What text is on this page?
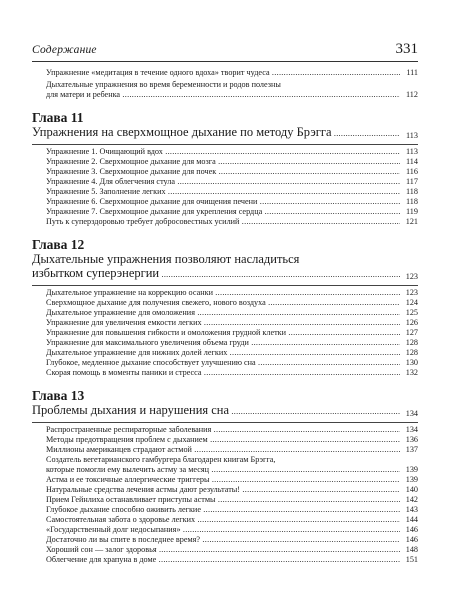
Содержание	331
Упражнение «медитация в течение одного вдоха» творит чудеса .....	111
Дыхательные упражнения во время беременности и родов полезны
для матери и ребенка .....	112
Глава 11
Упражнения на сверхмощное дыхание по методу Брэгга .....	113
Упражнение 1. Очищающий вдох .....	113
Упражнение 2. Сверхмощное дыхание для мозга .....	114
Упражнение 3. Сверхмощное дыхание для почек .....	116
Упражнение 4. Для облегчения стула .....	117
Упражнение 5. Заполнение легких .....	118
Упражнение 6. Сверхмощное дыхание для очищения печени .....	118
Упражнение 7. Сверхмощное дыхание для укрепления сердца .....	119
Путь к суперздоровью требует добросовестных усилий .....	121
Глава 12
Дыхательные упражнения позволяют насладиться
избытком суперэнергии .....	123
Дыхательное упражнение на коррекцию осанки .....	123
Сверхмощное дыхание для получения свежего, нового воздуха .....	124
Дыхательное упражнение для омоложения .....	125
Упражнение для увеличения емкости легких .....	126
Упражнение для повышения гибкости и омоложения грудной клетки .....	127
Упражнение для максимального увеличения объема груди .....	128
Дыхательное упражнение для нижних долей легких .....	128
Глубокое, медленное дыхание способствует улучшению сна .....	130
Скорая помощь в моменты паники и стресса .....	132
Глава 13
Проблемы дыхания и нарушения сна .....	134
Распространенные респираторные заболевания .....	134
Методы предотвращения проблем с дыханием .....	136
Миллионы американцев страдают астмой .....	137
Создатель вегетарианского гамбургера благодарен книгам Брэгга,
которые помогли ему вылечить астму за месяц .....	139
Астма и ее токсичные аллергические триггеры .....	139
Натуральные средства лечения астмы дают результаты! .....	140
Прием Гейнлиха останавливает приступы астмы .....	142
Глубокое дыхание способно оживить легкие .....	143
Самостоятельная забота о здоровье легких .....	144
«Государственный долг недосыпания» .....	146
Достаточно ли вы спите в последнее время? .....	146
Хороший сон — залог здоровья .....	148
Облегчение для храпуна в доме .....	151
